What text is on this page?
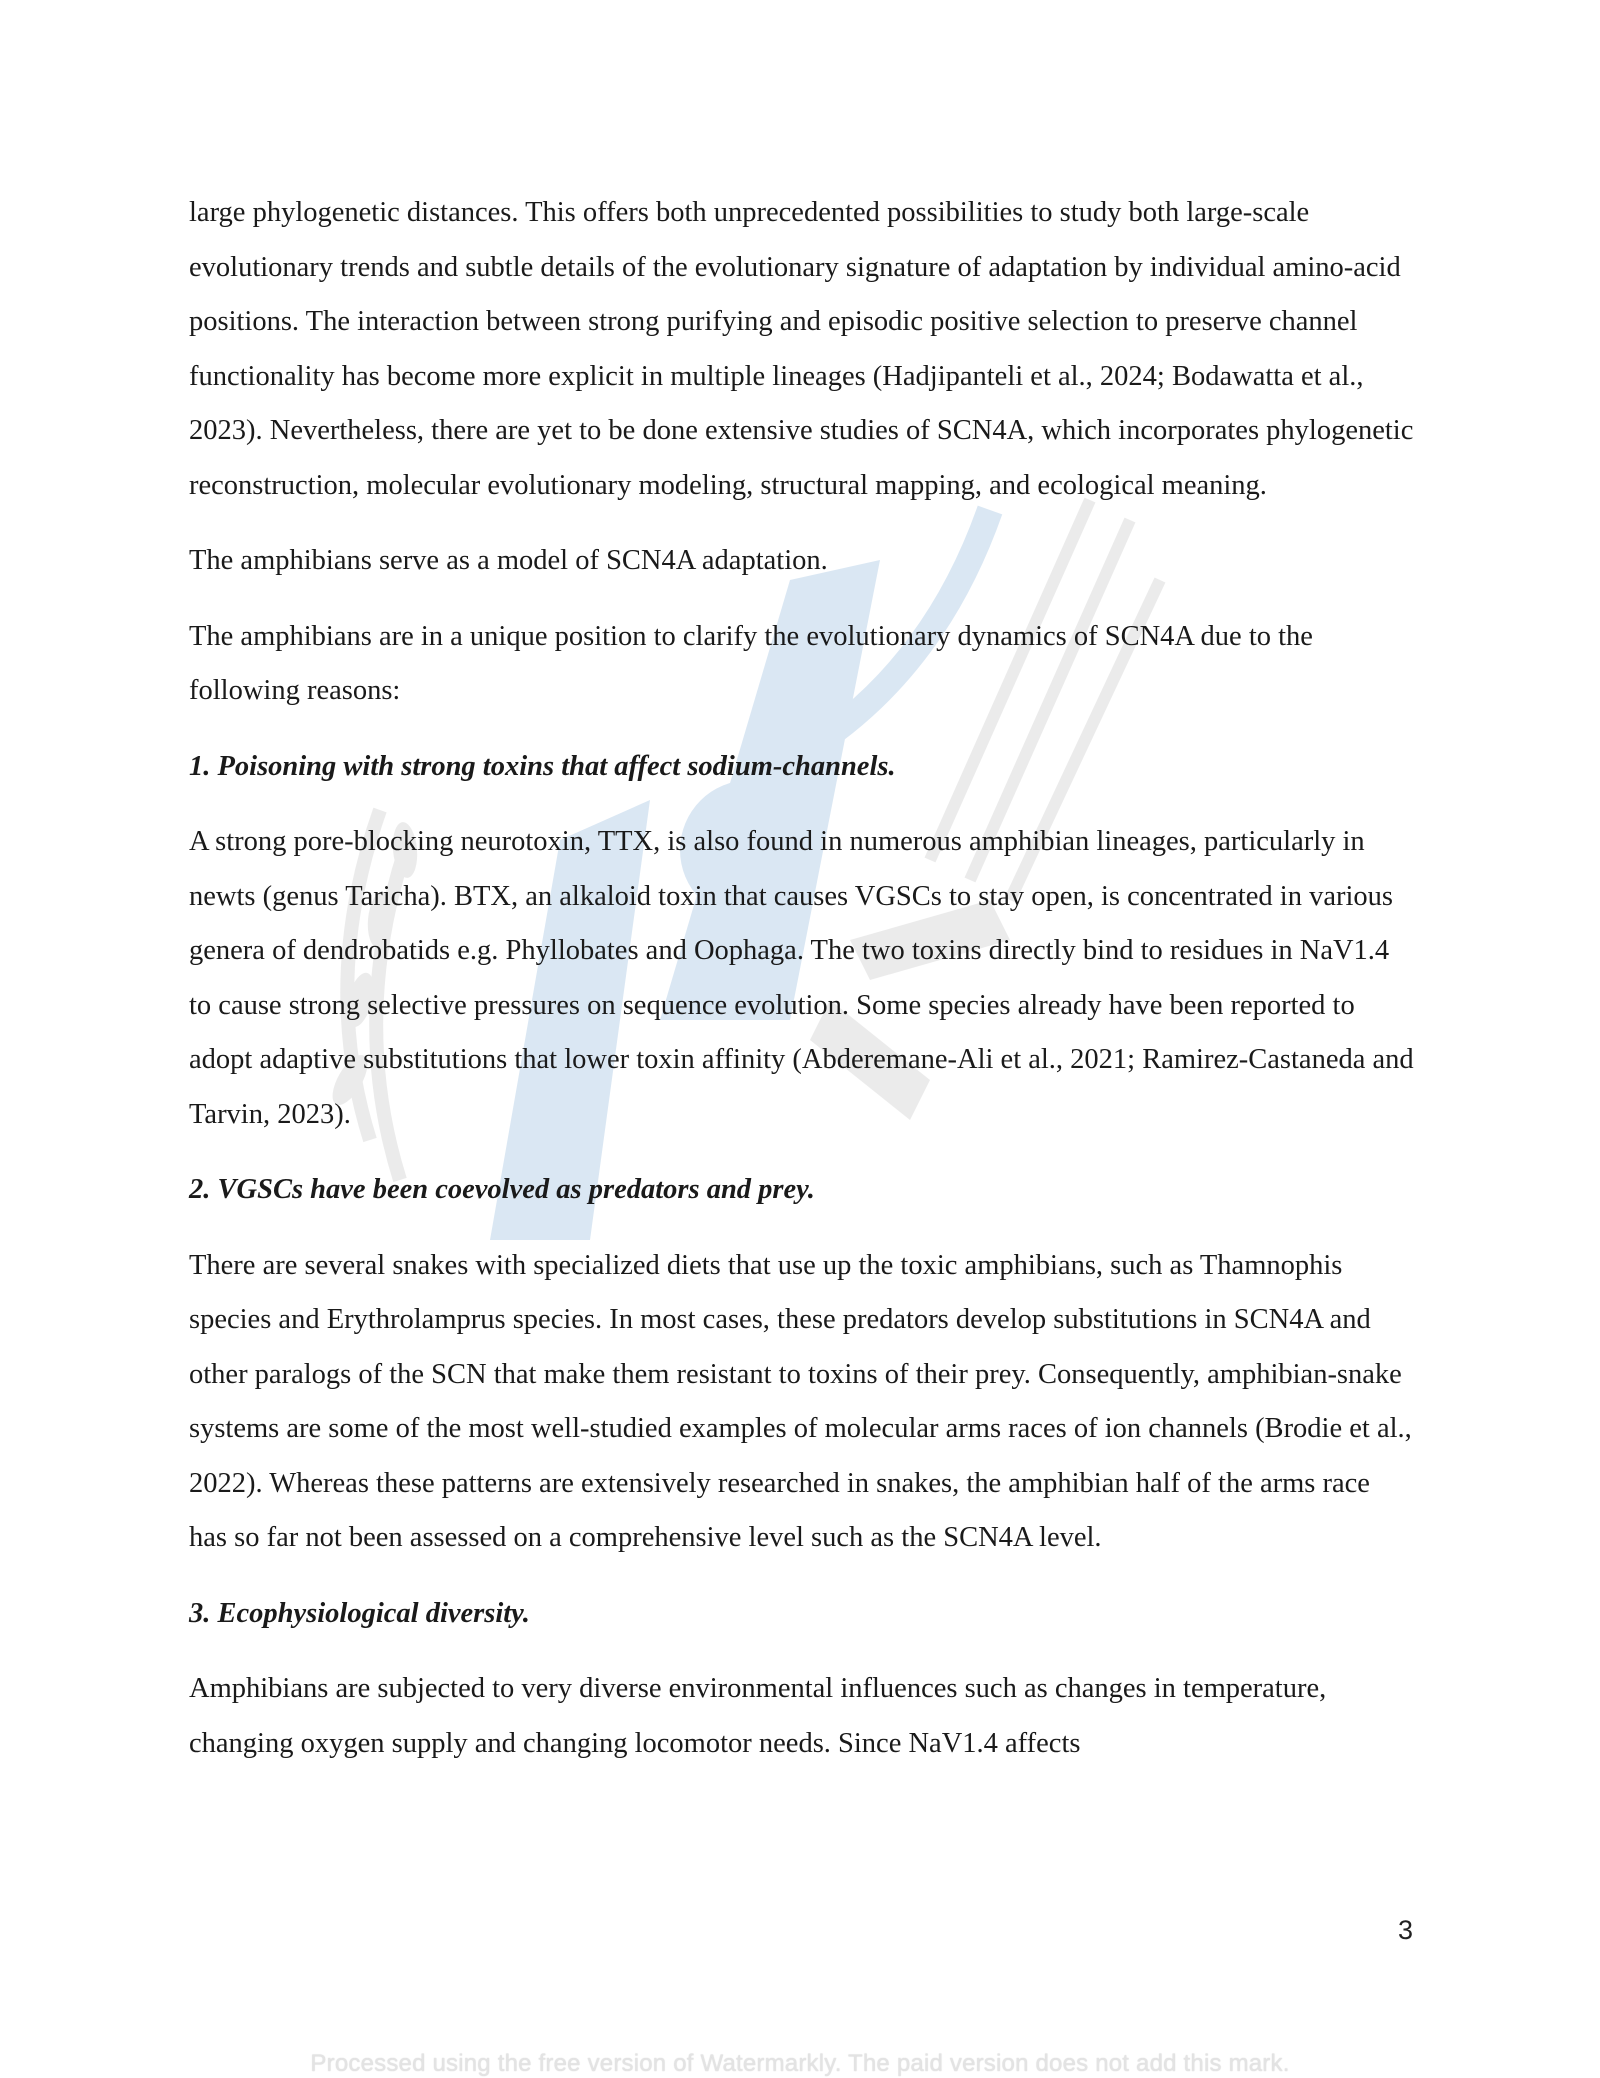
large phylogenetic distances. This offers both unprecedented possibilities to study both large-scale evolutionary trends and subtle details of the evolutionary signature of adaptation by individual amino-acid positions. The interaction between strong purifying and episodic positive selection to preserve channel functionality has become more explicit in multiple lineages (Hadjipanteli et al., 2024; Bodawatta et al., 2023). Nevertheless, there are yet to be done extensive studies of SCN4A, which incorporates phylogenetic reconstruction, molecular evolutionary modeling, structural mapping, and ecological meaning.

The amphibians serve as a model of SCN4A adaptation.

The amphibians are in a unique position to clarify the evolutionary dynamics of SCN4A due to the following reasons:

1. Poisoning with strong toxins that affect sodium-channels.

A strong pore-blocking neurotoxin, TTX, is also found in numerous amphibian lineages, particularly in newts (genus Taricha). BTX, an alkaloid toxin that causes VGSCs to stay open, is concentrated in various genera of dendrobatids e.g. Phyllobates and Oophaga. The two toxins directly bind to residues in NaV1.4 to cause strong selective pressures on sequence evolution. Some species already have been reported to adopt adaptive substitutions that lower toxin affinity (Abderemane-Ali et al., 2021; Ramirez-Castaneda and Tarvin, 2023).

2. VGSCs have been coevolved as predators and prey.

There are several snakes with specialized diets that use up the toxic amphibians, such as Thamnophis species and Erythrolamprus species. In most cases, these predators develop substitutions in SCN4A and other paralogs of the SCN that make them resistant to toxins of their prey. Consequently, amphibian-snake systems are some of the most well-studied examples of molecular arms races of ion channels (Brodie et al., 2022). Whereas these patterns are extensively researched in snakes, the amphibian half of the arms race has so far not been assessed on a comprehensive level such as the SCN4A level.

3. Ecophysiological diversity.

Amphibians are subjected to very diverse environmental influences such as changes in temperature, changing oxygen supply and changing locomotor needs. Since NaV1.4 affects

3
Processed using the free version of Watermarkly. The paid version does not add this mark.
